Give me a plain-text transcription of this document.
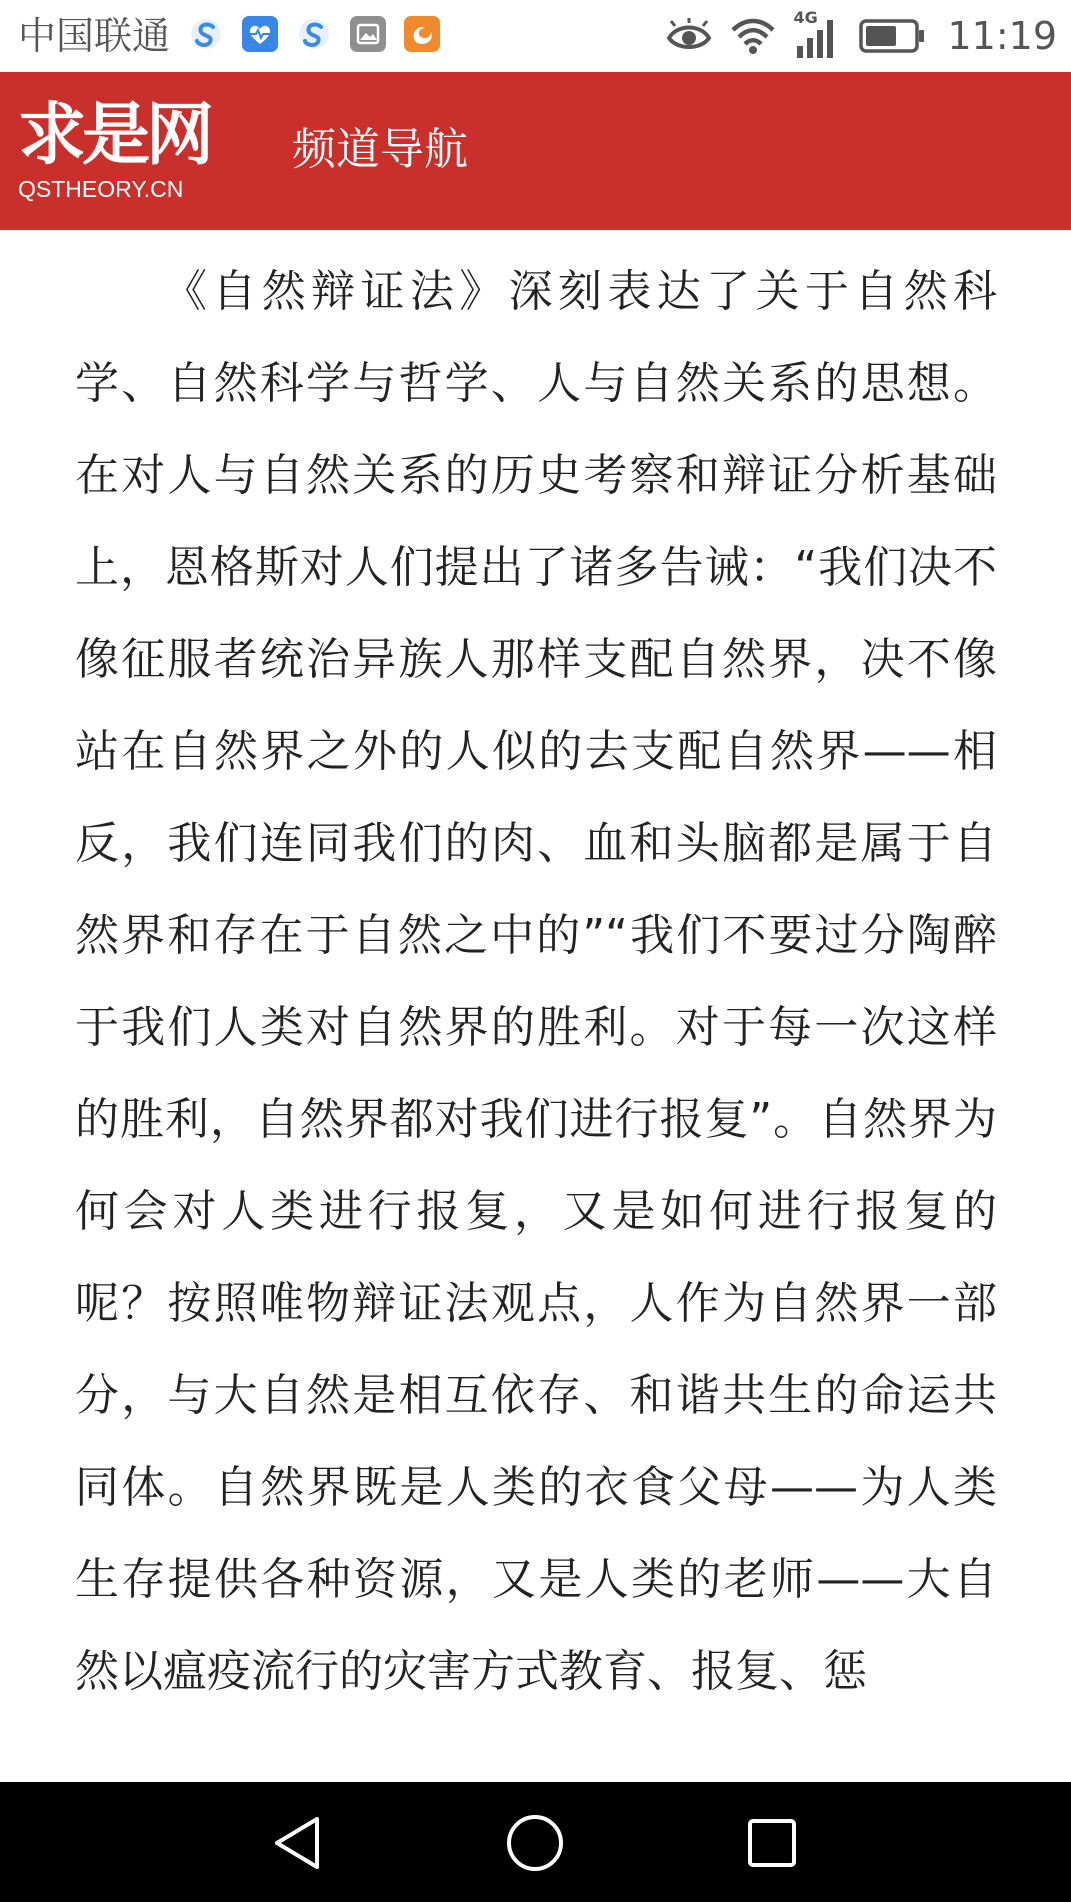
中国联通	4G	11:19
求是网
QSTHEORY.CN
频道导航

《自然辩证法》深刻表达了关于自然科学、自然科学与哲学、人与自然关系的思想。在对人与自然关系的历史考察和辩证分析基础上，恩格斯对人们提出了诸多告诫：“我们决不像征服者统治异族人那样支配自然界，决不像站在自然界之外的人似的去支配自然界——相反，我们连同我们的肉、血和头脑都是属于自然界和存在于自然之中的”“我们不要过分陶醉于我们人类对自然界的胜利。对于每一次这样的胜利，自然界都对我们进行报复”。自然界为何会对人类进行报复，又是如何进行报复的呢？按照唯物辩证法观点，人作为自然界一部分，与大自然是相互依存、和谐共生的命运共同体。自然界既是人类的衣食父母——为人类生存提供各种资源，又是人类的老师——大自然以瘟疫流行的灾害方式教育、报复、惩
